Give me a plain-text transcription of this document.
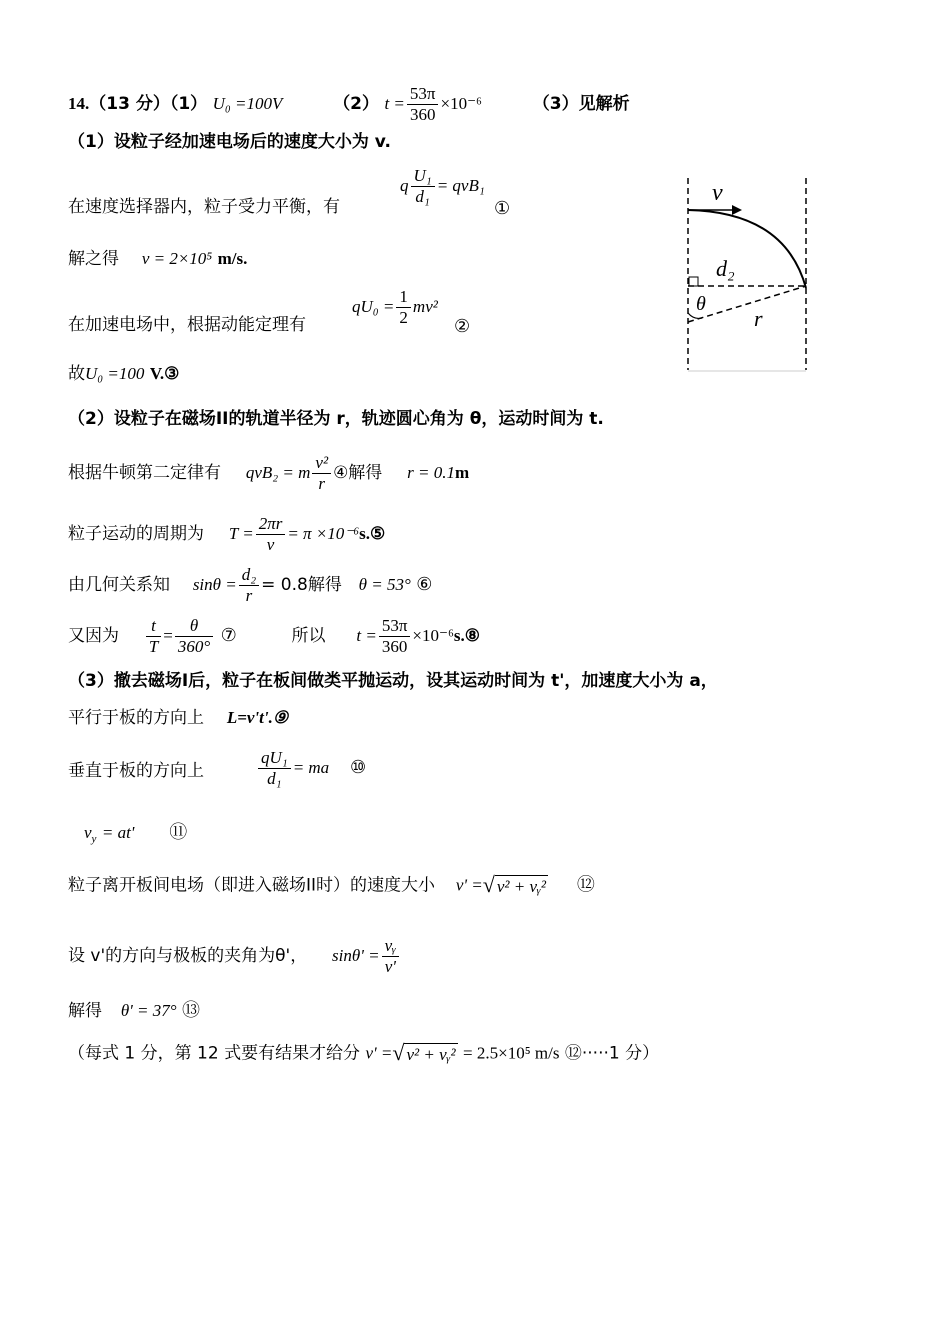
14.（13 分）（1） U₀ =100V	（2） $t = \frac{53\pi}{360} \times 10^{-6}$	（3）见解析
（1）设粒子经加速电场后的速度大小为 v.
在速度选择器内，粒子受力平衡，有
q $\frac{\text{U₁}}{\text{d₁}} = qvB_1$
①
解之得 v = 2×10⁵ m/s.
在加速电场中，根据动能定理有
$qU_0 = \frac{1}{2} mv^2$
②
故U₀ =100 V.③
（2）设粒子在磁场II的轨道半径为 r，轨迹圆心角为 θ，运动时间为 t.
根据牛顿第二定律有 qvB₂ = m $\frac{\text{v²}}{r}$ ④解得 r = 0.1m
粒子运动的周期为 $T = \frac{2\pi r}{v} = \pi$ ×10⁻⁶s.⑤
由几何关系知 $\sin\theta = \frac{\text{d₂}}{r} = 0.8$解得 θ = 53° ⑥
又因为 $\frac{t}{T} = \frac{\theta}{360^\circ}$ ⑦	所以 $t = \frac{53\pi}{360}$ ×10⁻⁶s.⑧
（3）撤去磁场I后，粒子在板间做类平抛运动，设其运动时间为 t'，加速度大小为 a，
平行于板的方向上 L=v't'.⑨
垂直于板的方向上	$\frac{\text{qU₁}}{\text{d₁}}$ = ma ⑩
$v_y = at'$ ⑪
粒子离开板间电场（即进入磁场II时）的速度大小 v' =√ v² + vᵧ² ⑫
设 v'的方向与极板的夹角为θ'， $\sin\theta' = \frac{\text{vᵧ}}{v'}$
解得 θ' = 37° ⑬
（每式 1 分，第 12 式要有结果才给分 v' =√ v² + vᵧ² = 2.5×10⁵ m/s ⑫·····1 分）
v
d₂
θ
r
